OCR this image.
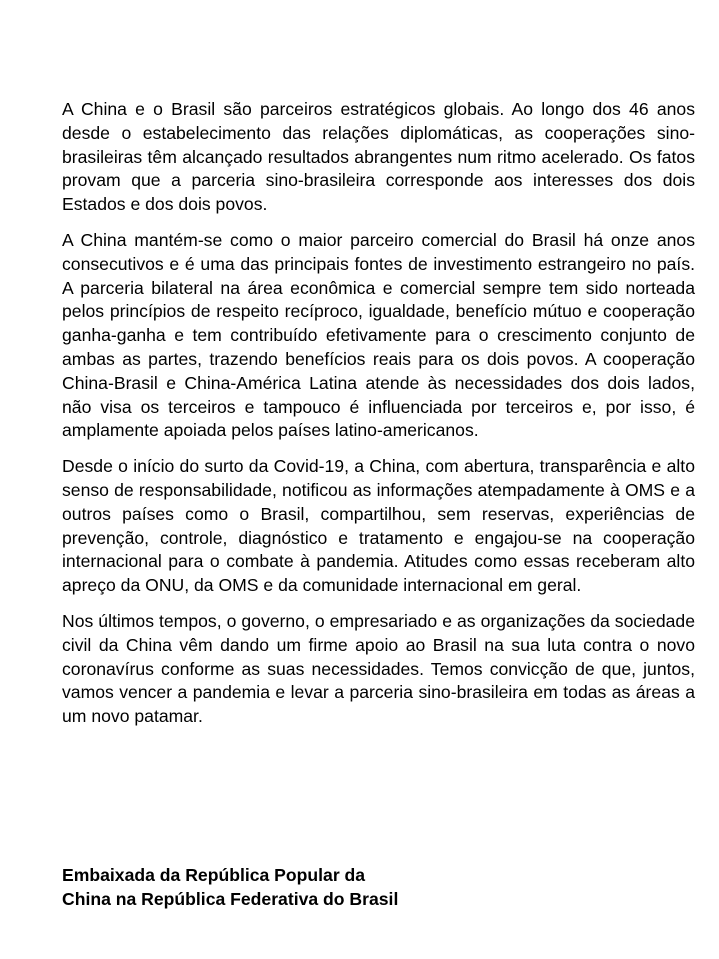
A China e o Brasil são parceiros estratégicos globais. Ao longo dos 46 anos desde o estabelecimento das relações diplomáticas, as cooperações sino-brasileiras têm alcançado resultados abrangentes num ritmo acelerado. Os fatos provam que a parceria sino-brasileira corresponde aos interesses dos dois Estados e dos dois povos.

A China mantém-se como o maior parceiro comercial do Brasil há onze anos consecutivos e é uma das principais fontes de investimento estrangeiro no país. A parceria bilateral na área econômica e comercial sempre tem sido norteada pelos princípios de respeito recíproco, igualdade, benefício mútuo e cooperação ganha-ganha e tem contribuído efetivamente para o crescimento conjunto de ambas as partes, trazendo benefícios reais para os dois povos. A cooperação China-Brasil e China-América Latina atende às necessidades dos dois lados, não visa os terceiros e tampouco é influenciada por terceiros e, por isso, é amplamente apoiada pelos países latino-americanos.

Desde o início do surto da Covid-19, a China, com abertura, transparência e alto senso de responsabilidade, notificou as informações atempadamente à OMS e a outros países como o Brasil, compartilhou, sem reservas, experiências de prevenção, controle, diagnóstico e tratamento e engajou-se na cooperação internacional para o combate à pandemia. Atitudes como essas receberam alto apreço da ONU, da OMS e da comunidade internacional em geral.

Nos últimos tempos, o governo, o empresariado e as organizações da sociedade civil da China vêm dando um firme apoio ao Brasil na sua luta contra o novo coronavírus conforme as suas necessidades. Temos convicção de que, juntos, vamos vencer a pandemia e levar a parceria sino-brasileira em todas as áreas a um novo patamar.

Embaixada da República Popular da
China na República Federativa do Brasil
